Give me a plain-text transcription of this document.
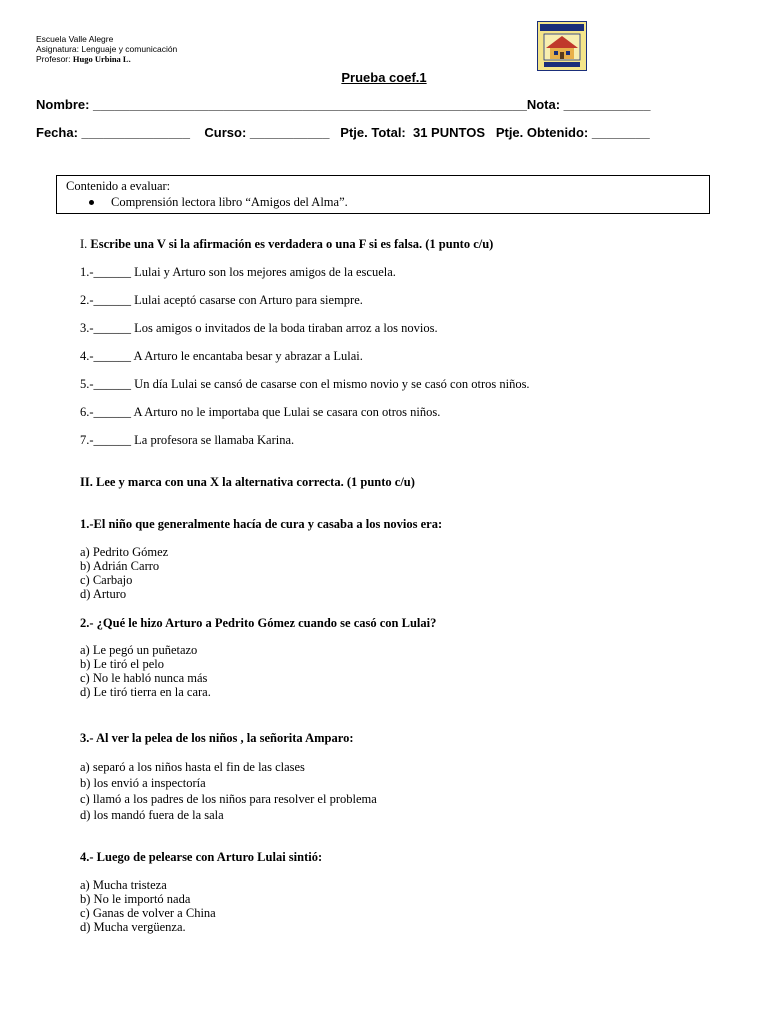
Escuela Valle Alegre
Asignatura: Lenguaje y comunicación
Profesor: Hugo Urbina L.
Prueba coef.1
Nombre: ____________________________________________________________Nota: ____________
Fecha: _______________    Curso: ___________   Ptje. Total:  31 PUNTOS   Ptje. Obtenido: ________
Contenido a evaluar:
Comprensión lectora libro “Amigos del Alma”.
I. Escribe una V si la afirmación es verdadera o una F si es falsa. (1 punto c/u)
1.-______ Lulai y Arturo son los mejores amigos de la escuela.
2.-______ Lulai aceptó casarse con Arturo para siempre.
3.-______ Los amigos o invitados de la boda tiraban arroz a los novios.
4.-______ A Arturo le encantaba besar y abrazar a Lulai.
5.-______ Un día Lulai se cansó de casarse con el mismo novio y se casó con otros niños.
6.-______ A Arturo no le importaba que Lulai se casara con otros niños.
7.-______ La profesora se llamaba Karina.
II. Lee y marca con una X la alternativa correcta. (1 punto c/u)
1.-El niño que generalmente hacía de cura y casaba a los novios era:
a) Pedrito Gómez
b) Adrián Carro
c) Carbajo
d) Arturo
2.- ¿Qué le hizo Arturo a Pedrito Gómez cuando se casó con Lulai?
a) Le pegó un puñetazo
b) Le tiró el pelo
c) No le habló nunca más
d) Le tiró tierra en la cara.
3.- Al ver la pelea de los niños , la señorita Amparo:
a) separó a los niños hasta el fin de las clases
b) los envió a inspectoría
c) llamó a los padres de los niños para resolver el problema
d) los mandó fuera de la sala
4.- Luego de pelearse con Arturo Lulai sintió:
a) Mucha tristeza
b) No le importó nada
c) Ganas de volver a China
d) Mucha vergüenza.
